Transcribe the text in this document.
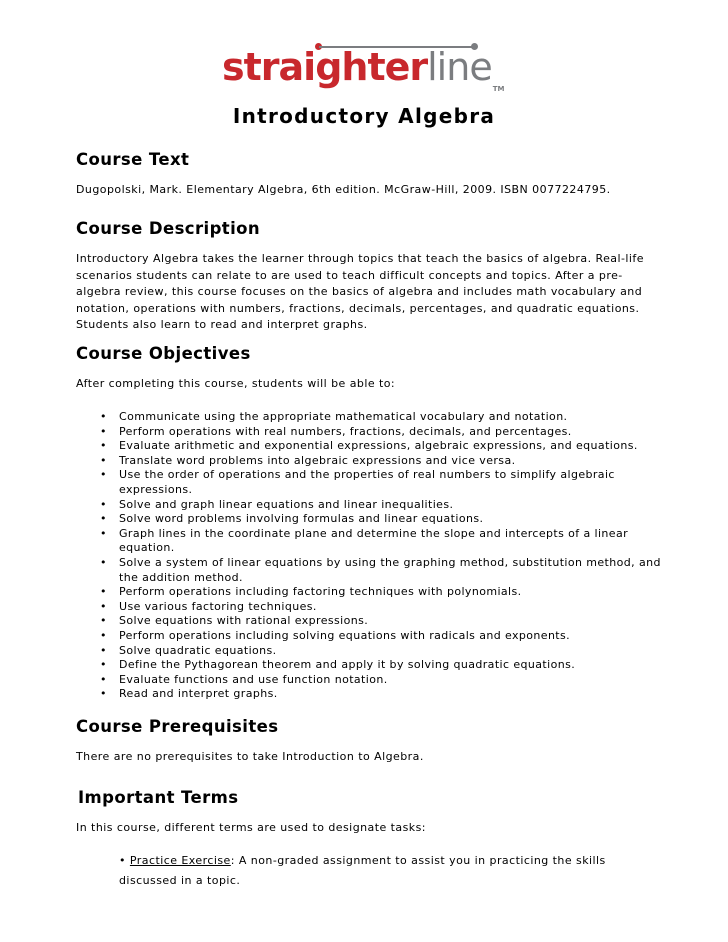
straighterline™
Introductory Algebra
Course Text

Dugopolski, Mark. Elementary Algebra, 6th edition. McGraw-Hill, 2009. ISBN 0077224795.

Course Description

Introductory Algebra takes the learner through topics that teach the basics of algebra. Real-life scenarios students can relate to are used to teach difficult concepts and topics. After a pre-algebra review, this course focuses on the basics of algebra and includes math vocabulary and notation, operations with numbers, fractions, decimals, percentages, and quadratic equations. Students also learn to read and interpret graphs.

Course Objectives

After completing this course, students will be able to:

• Communicate using the appropriate mathematical vocabulary and notation.
• Perform operations with real numbers, fractions, decimals, and percentages.
• Evaluate arithmetic and exponential expressions, algebraic expressions, and equations.
• Translate word problems into algebraic expressions and vice versa.
• Use the order of operations and the properties of real numbers to simplify algebraic expressions.
• Solve and graph linear equations and linear inequalities.
• Solve word problems involving formulas and linear equations.
• Graph lines in the coordinate plane and determine the slope and intercepts of a linear equation.
• Solve a system of linear equations by using the graphing method, substitution method, and the addition method.
• Perform operations including factoring techniques with polynomials.
• Use various factoring techniques.
• Solve equations with rational expressions.
• Perform operations including solving equations with radicals and exponents.
• Solve quadratic equations.
• Define the Pythagorean theorem and apply it by solving quadratic equations.
• Evaluate functions and use function notation.
• Read and interpret graphs.
Course Prerequisites

There are no prerequisites to take Introduction to Algebra.

Important Terms

In this course, different terms are used to designate tasks:

• Practice Exercise: A non-graded assignment to assist you in practicing the skills discussed in a topic.
